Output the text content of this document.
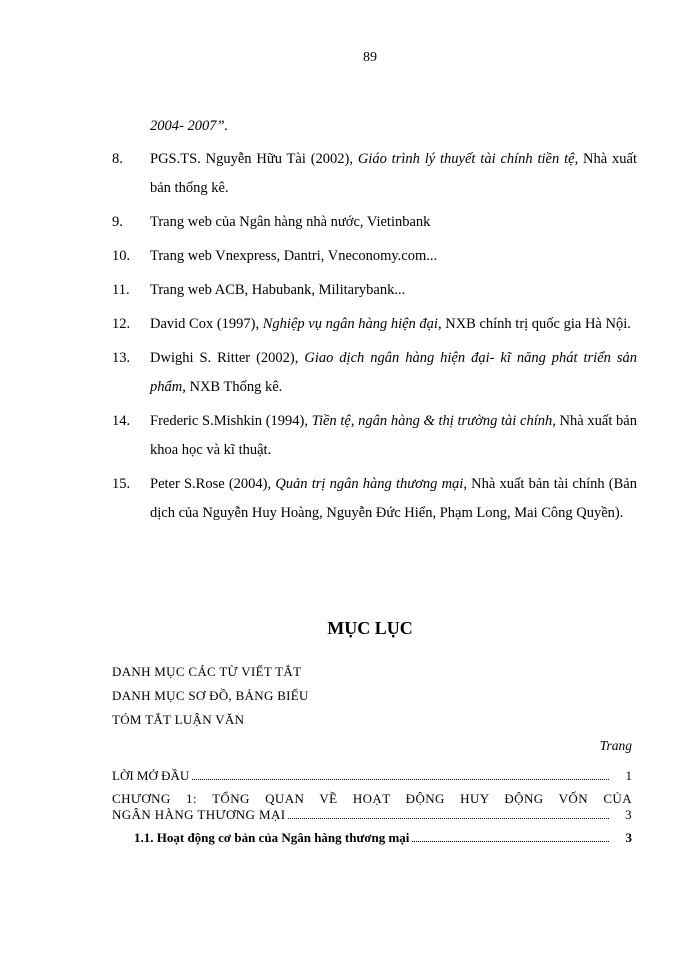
89
2004- 2007”.
8.	PGS.TS. Nguyễn Hữu Tài (2002), Giáo trình lý thuyết tài chính tiền tệ, Nhà xuất bản thống kê.
9.	Trang web của Ngân hàng nhà nước, Vietinbank
10.	Trang web Vnexpress, Dantri, Vneconomy.com...
11.	Trang web ACB, Habubank, Militarybank...
12.	David Cox (1997), Nghiệp vụ ngân hàng hiện đại, NXB chính trị quốc gia Hà Nội.
13.	Dwighi S. Ritter (2002), Giao dịch ngân hàng hiện đại- kĩ năng phát triển sản phẩm, NXB Thống kê.
14.	Frederic S.Mishkin (1994), Tiền tệ, ngân hàng & thị trường tài chính, Nhà xuất bản khoa học và kĩ thuật.
15.	Peter S.Rose (2004), Quản trị ngân hàng thương mại, Nhà xuất bản tài chính (Bản dịch của Nguyễn Huy Hoàng, Nguyễn Đức Hiển, Phạm Long, Mai Công Quyền).
MỤC LỤC
DANH MỤC CÁC TỪ VIẾT TẮT
DANH MỤC SƠ ĐỒ, BẢNG BIỂU
TÓM TẮT LUẬN VĂN
Trang
LỜI MỞ ĐẦU	1
CHƯƠNG 1: TỔNG QUAN VỀ HOẠT ĐỘNG HUY ĐỘNG VỐN CỦA
NGÂN HÀNG THƯƠNG MẠI	3
1.1. Hoạt động cơ bản của Ngân hàng thương mại	3
